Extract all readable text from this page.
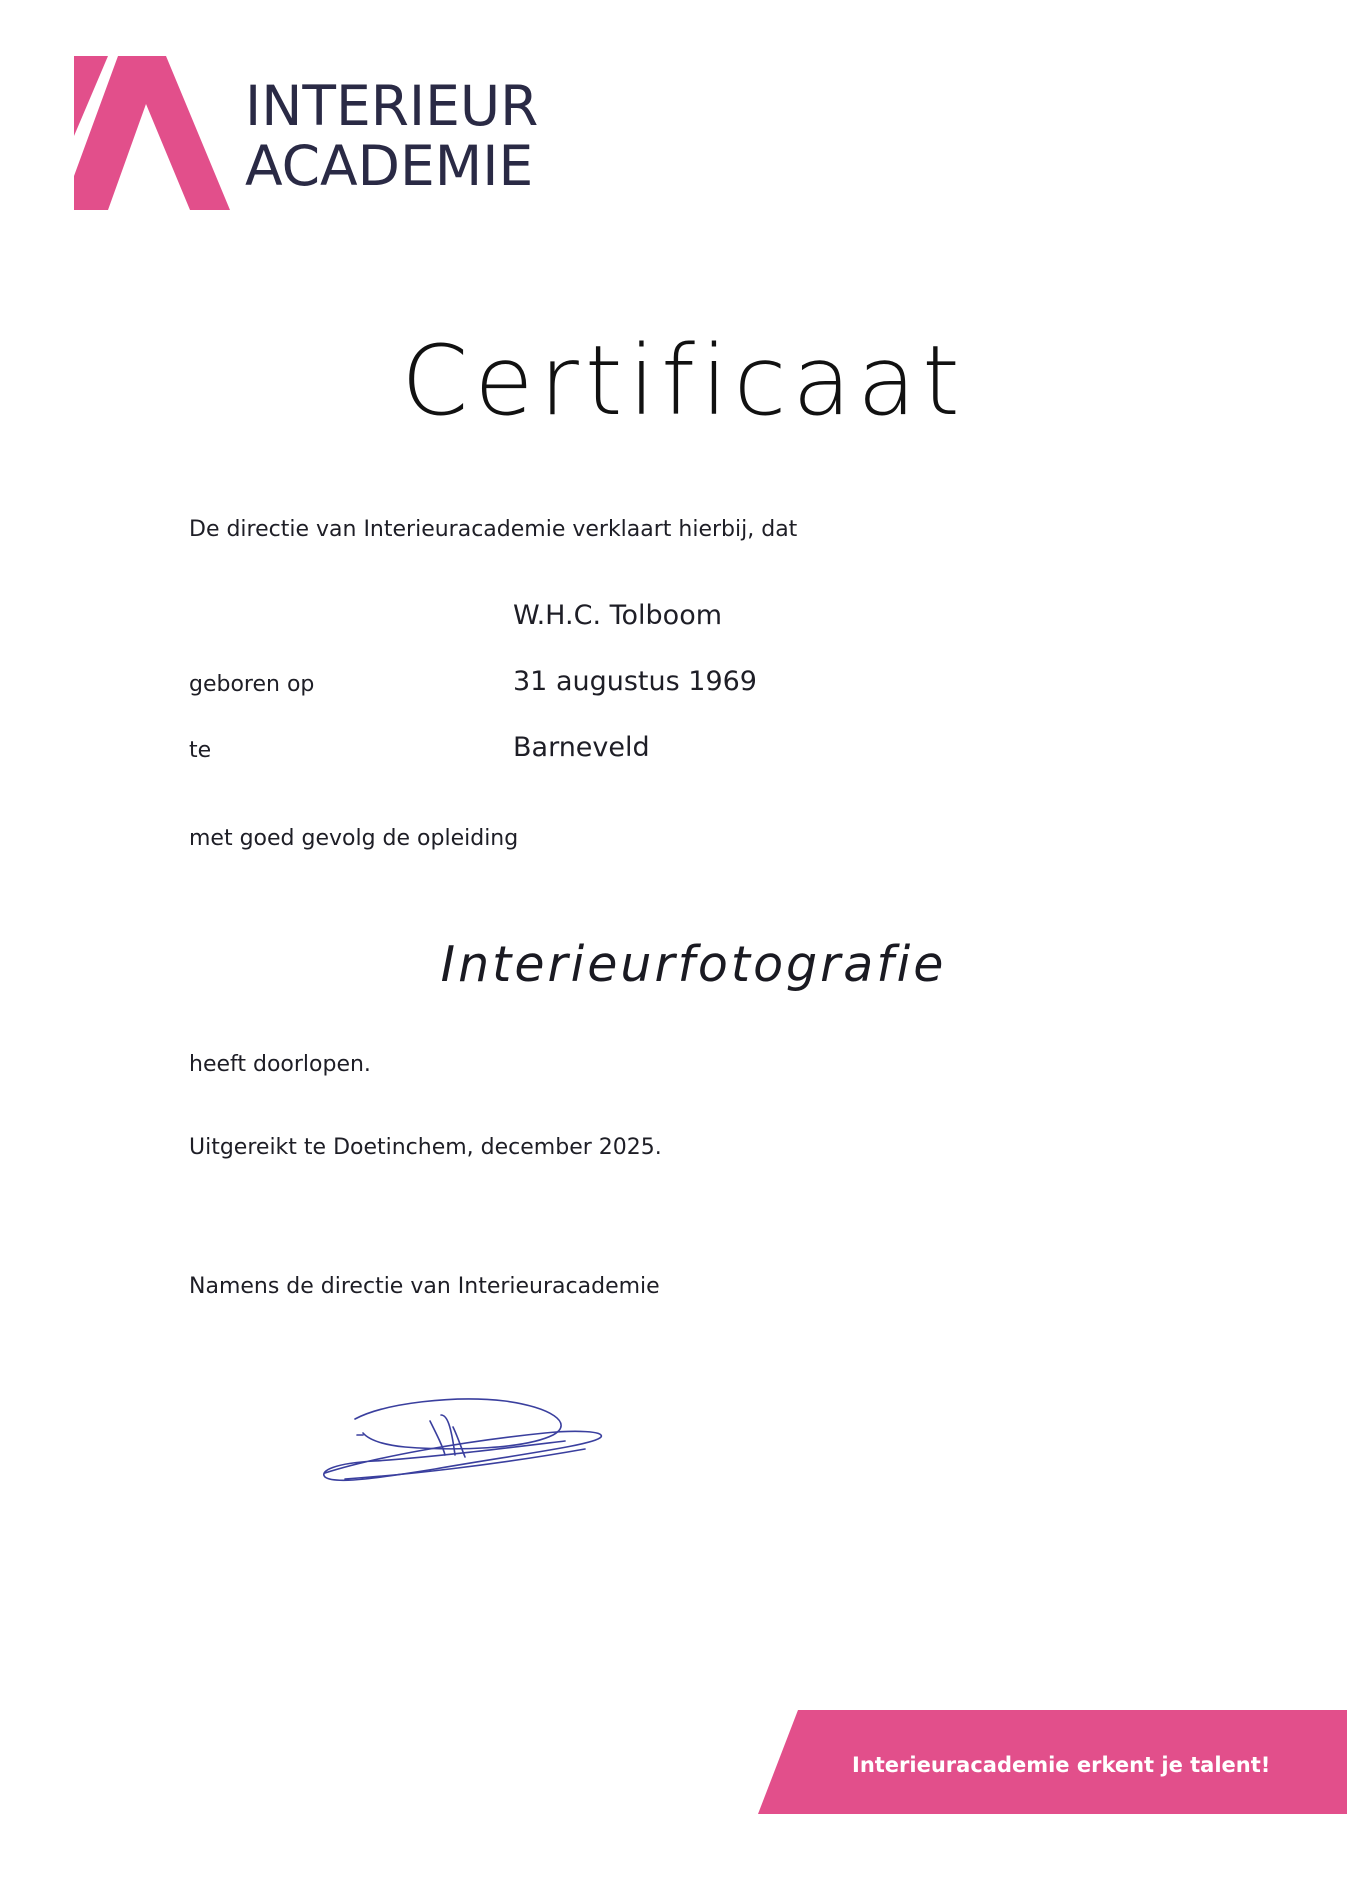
INTERIEUR
ACADEMIE
Certificaat
De directie van Interieuracademie verklaart hierbij, dat
W.H.C. Tolboom
geboren op	31 augustus 1969
te	Barneveld
met goed gevolg de opleiding
Interieurfotografie
heeft doorlopen.
Uitgereikt te Doetinchem, december 2025.
Namens de directie van Interieuracademie
Interieuracademie erkent je talent!
